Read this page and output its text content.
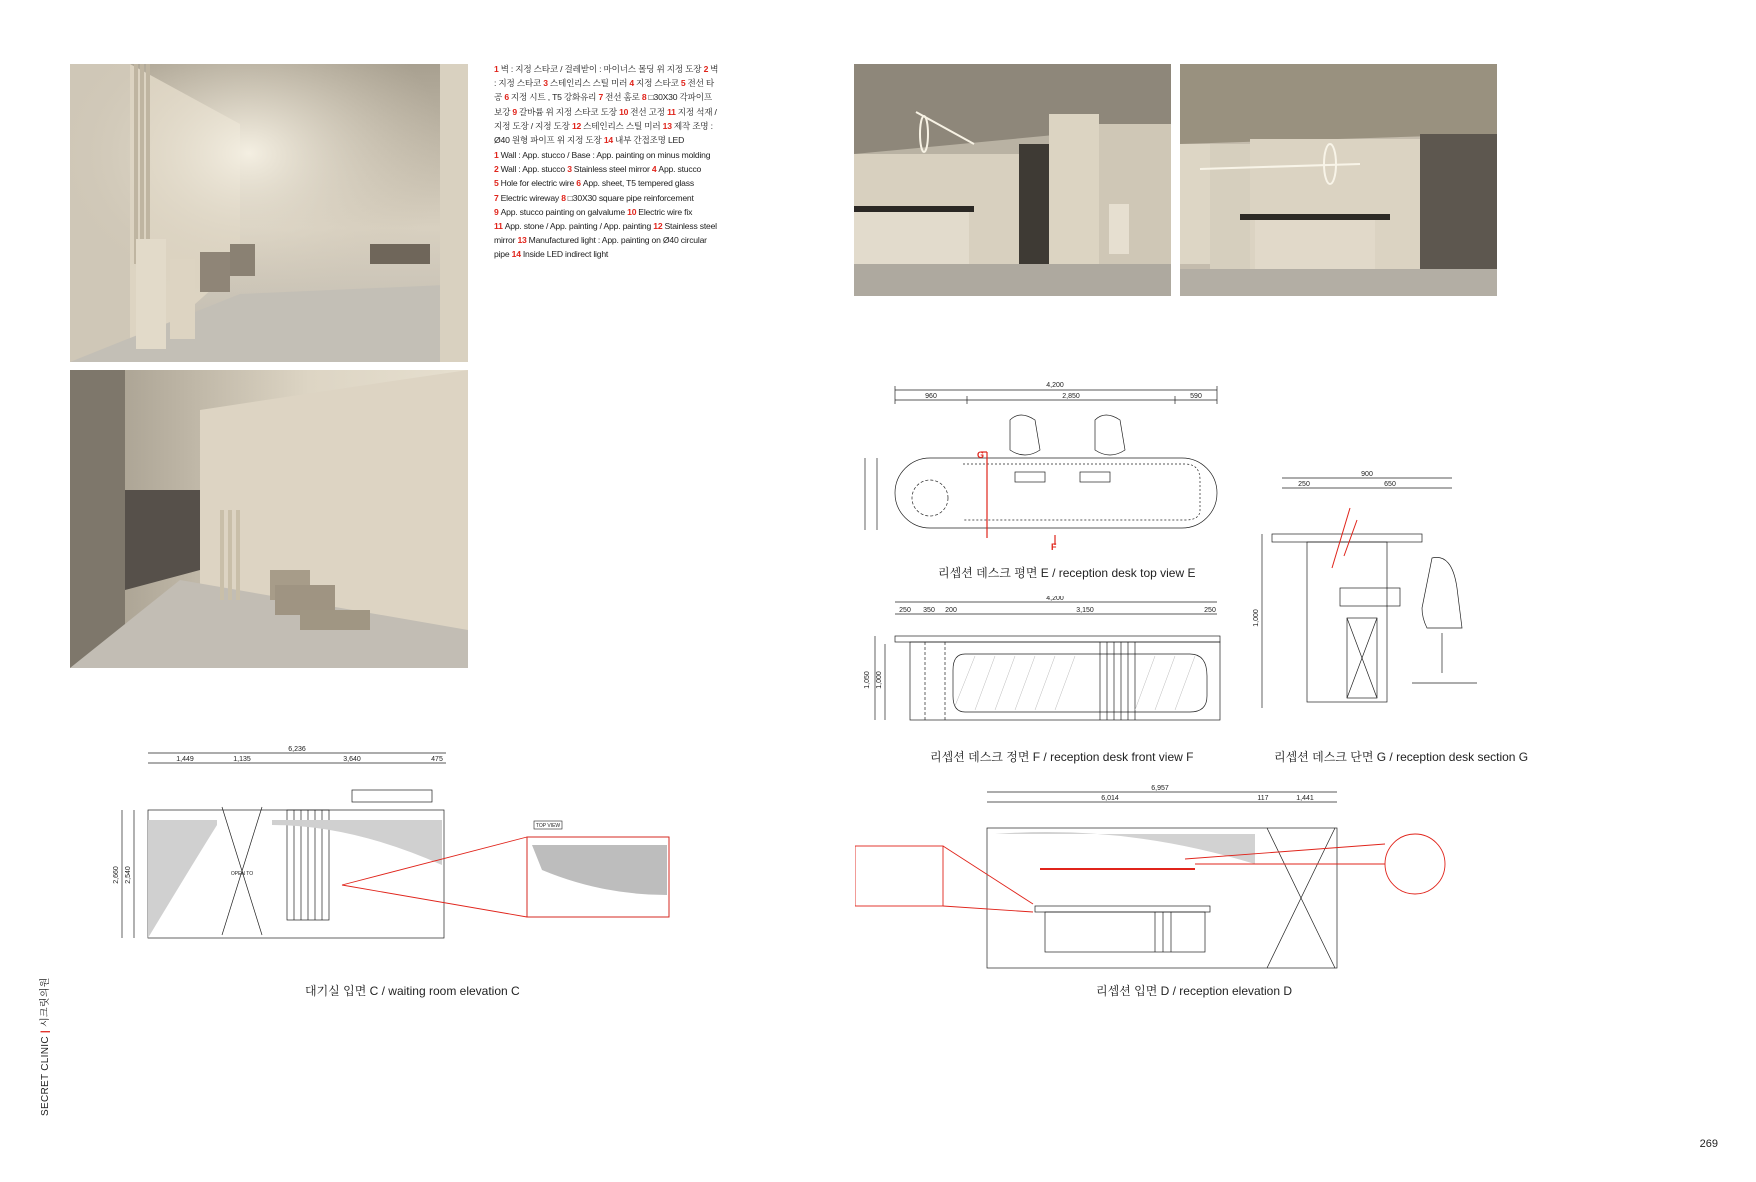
1 벽 : 지정 스타코 / 걸레받이 : 마이너스 몰딩 위 지정 도장 2 벽 : 지정 스타코 3 스테인리스 스틸 미러 4 지정 스타코 5 전선 타공 6 지정 시트 , T5 강화유리 7 전선 홈로 8 □30X30 각파이프 보강 9 갈바륨 위 지정 스타코 도장 10 전선 고정 11 지정 석재 / 지정 도장 / 지정 도장 12 스테인리스 스틸 미러 13 제작 조명 : Ø40 원형 파이프 위 지정 도장 14 내부 간접조명 LED
1 Wall : App. stucco / Base : App. painting on minus molding 2 Wall : App. stucco 3 Stainless steel mirror 4 App. stucco 5 Hole for electric wire 6 App. sheet, T5 tempered glass 7 Electric wireway 8 □30X30 square pipe reinforcement 9 App. stucco painting on galvalume 10 Electric wire fix 11 App. stone / App. painting / App. painting 12 Stainless steel mirror 13 Manufactured light : App. painting on Ø40 circular pipe 14 Inside LED indirect light
4,200
960	2,850	590
G
F
리셉션 데스크 평면 E / reception desk top view E
4,200
250 350 200	3,150	250
1,050 1,000
리셉션 데스크 정면 F / reception desk front view F
900
250	650
1,000
리셉션 데스크 단면 G / reception desk section G
TOP VIEW
OPEN TO
6,236
1,449	1,135	3,640	475
2,660 2,540
대기실 입면 C / waiting room elevation C
6,957
6,014	117	1,441
리셉션 입면 D / reception elevation D
SECRET CLINIC|시크릿의원
269
